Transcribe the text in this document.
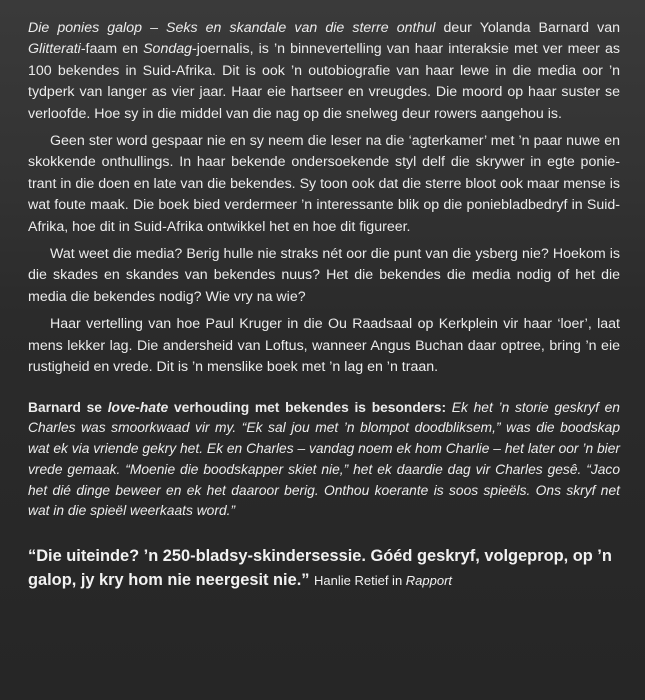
Die ponies galop – Seks en skandale van die sterre onthul deur Yolanda Barnard van Glitterati-faam en Sondag-joernalis, is ’n binnevertelling van haar interaksie met ver meer as 100 bekendes in Suid-Afrika. Dit is ook ’n outobiografie van haar lewe in die media oor ’n tydperk van langer as vier jaar. Haar eie hartseer en vreugdes. Die moord op haar suster se verloofde. Hoe sy in die middel van die nag op die snelweg deur rowers aangehou is.

Geen ster word gespaar nie en sy neem die leser na die ‘agterkamer’ met ’n paar nuwe en skokkende onthullings. In haar bekende ondersoekende styl delf die skrywer in egte ponie-trant in die doen en late van die bekendes. Sy toon ook dat die sterre bloot ook maar mense is wat foute maak. Die boek bied verdermeer ’n interessante blik op die poniebladbedryf in Suid-Afrika, hoe dit in Suid-Afrika ontwikkel het en hoe dit figureer.

Wat weet die media? Berig hulle nie straks nét oor die punt van die ysberg nie? Hoekom is die skades en skandes van bekendes nuus? Het die bekendes die media nodig of het die media die bekendes nodig? Wie vry na wie?

Haar vertelling van hoe Paul Kruger in die Ou Raadsaal op Kerkplein vir haar ‘loer’, laat mens lekker lag. Die andersheid van Loftus, wanneer Angus Buchan daar optree, bring ’n eie rustigheid en vrede. Dit is ’n menslike boek met ’n lag en ’n traan.

Barnard se love-hate verhouding met bekendes is besonders: Ek het ’n storie geskryf en Charles was smoorkwaad vir my. “Ek sal jou met ’n blompot doodbliksem,” was die boodskap wat ek via vriende gekry het. Ek en Charles – vandag noem ek hom Charlie – het later oor ’n bier vrede gemaak. “Moenie die boodskapper skiet nie,” het ek daardie dag vir Charles gesê. “Jaco het dié dinge beweer en ek het daaroor berig. Onthou koerante is soos spieëls. Ons skryf net wat in die spieël weerkaats word.”

“Die uiteinde? ’n 250-bladsy-skindersessie. Góéd geskryf, volgeprop, op ’n galop, jy kry hom nie neergesit nie.” Hanlie Retief in Rapport
